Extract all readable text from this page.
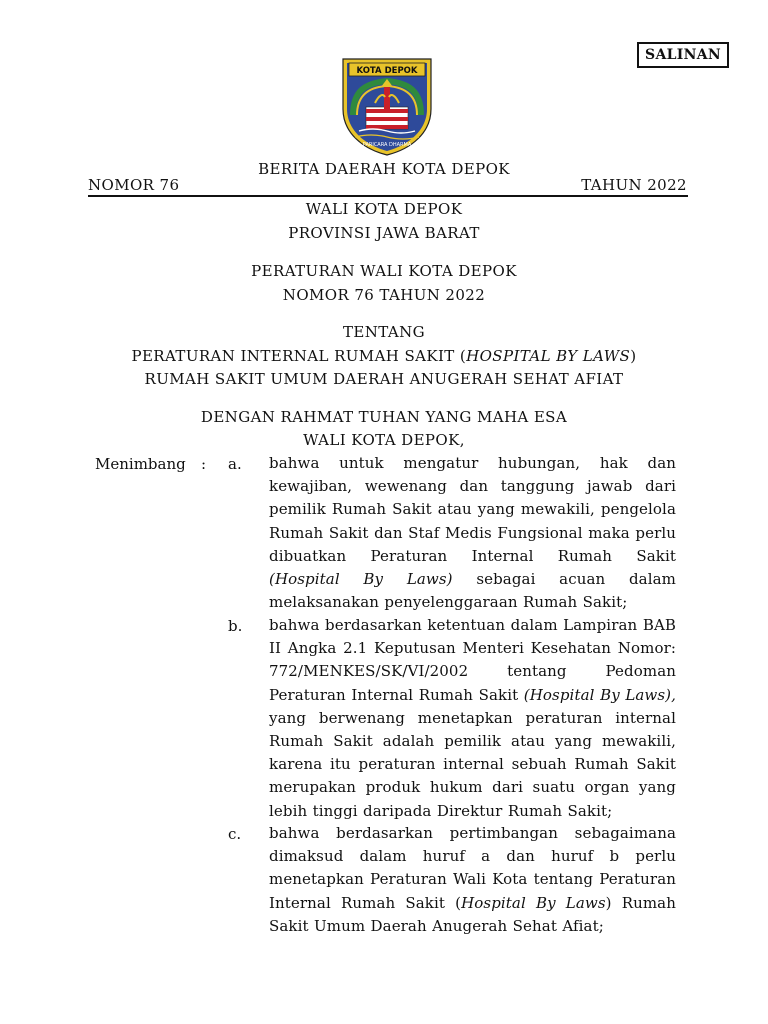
SALINAN
KOTA DEPOK
PARICARA DHARMA
BERITA DAERAH KOTA DEPOK
NOMOR 76	TAHUN 2022
WALI KOTA DEPOK
PROVINSI JAWA BARAT
PERATURAN WALI KOTA DEPOK
NOMOR 76 TAHUN 2022
TENTANG
PERATURAN INTERNAL RUMAH SAKIT (HOSPITAL BY LAWS)
RUMAH SAKIT UMUM DAERAH ANUGERAH SEHAT AFIAT
DENGAN RAHMAT TUHAN YANG MAHA ESA
WALI KOTA DEPOK,
Menimbang : a. bahwa untuk mengatur hubungan, hak dan kewajiban, wewenang dan tanggung jawab dari pemilik Rumah Sakit atau yang mewakili, pengelola Rumah Sakit dan Staf Medis Fungsional maka perlu dibuatkan Peraturan Internal Rumah Sakit (Hospital By Laws) sebagai acuan dalam melaksanakan penyelenggaraan Rumah Sakit;
b. bahwa berdasarkan ketentuan dalam Lampiran BAB II Angka 2.1 Keputusan Menteri Kesehatan Nomor: 772/MENKES/SK/VI/2002 tentang Pedoman Peraturan Internal Rumah Sakit (Hospital By Laws), yang berwenang menetapkan peraturan internal Rumah Sakit adalah pemilik atau yang mewakili, karena itu peraturan internal sebuah Rumah Sakit merupakan produk hukum dari suatu organ yang lebih tinggi daripada Direktur Rumah Sakit;
c. bahwa berdasarkan pertimbangan sebagaimana dimaksud dalam huruf a dan huruf b perlu menetapkan Peraturan Wali Kota tentang Peraturan Internal Rumah Sakit (Hospital By Laws) Rumah Sakit Umum Daerah Anugerah Sehat Afiat;
